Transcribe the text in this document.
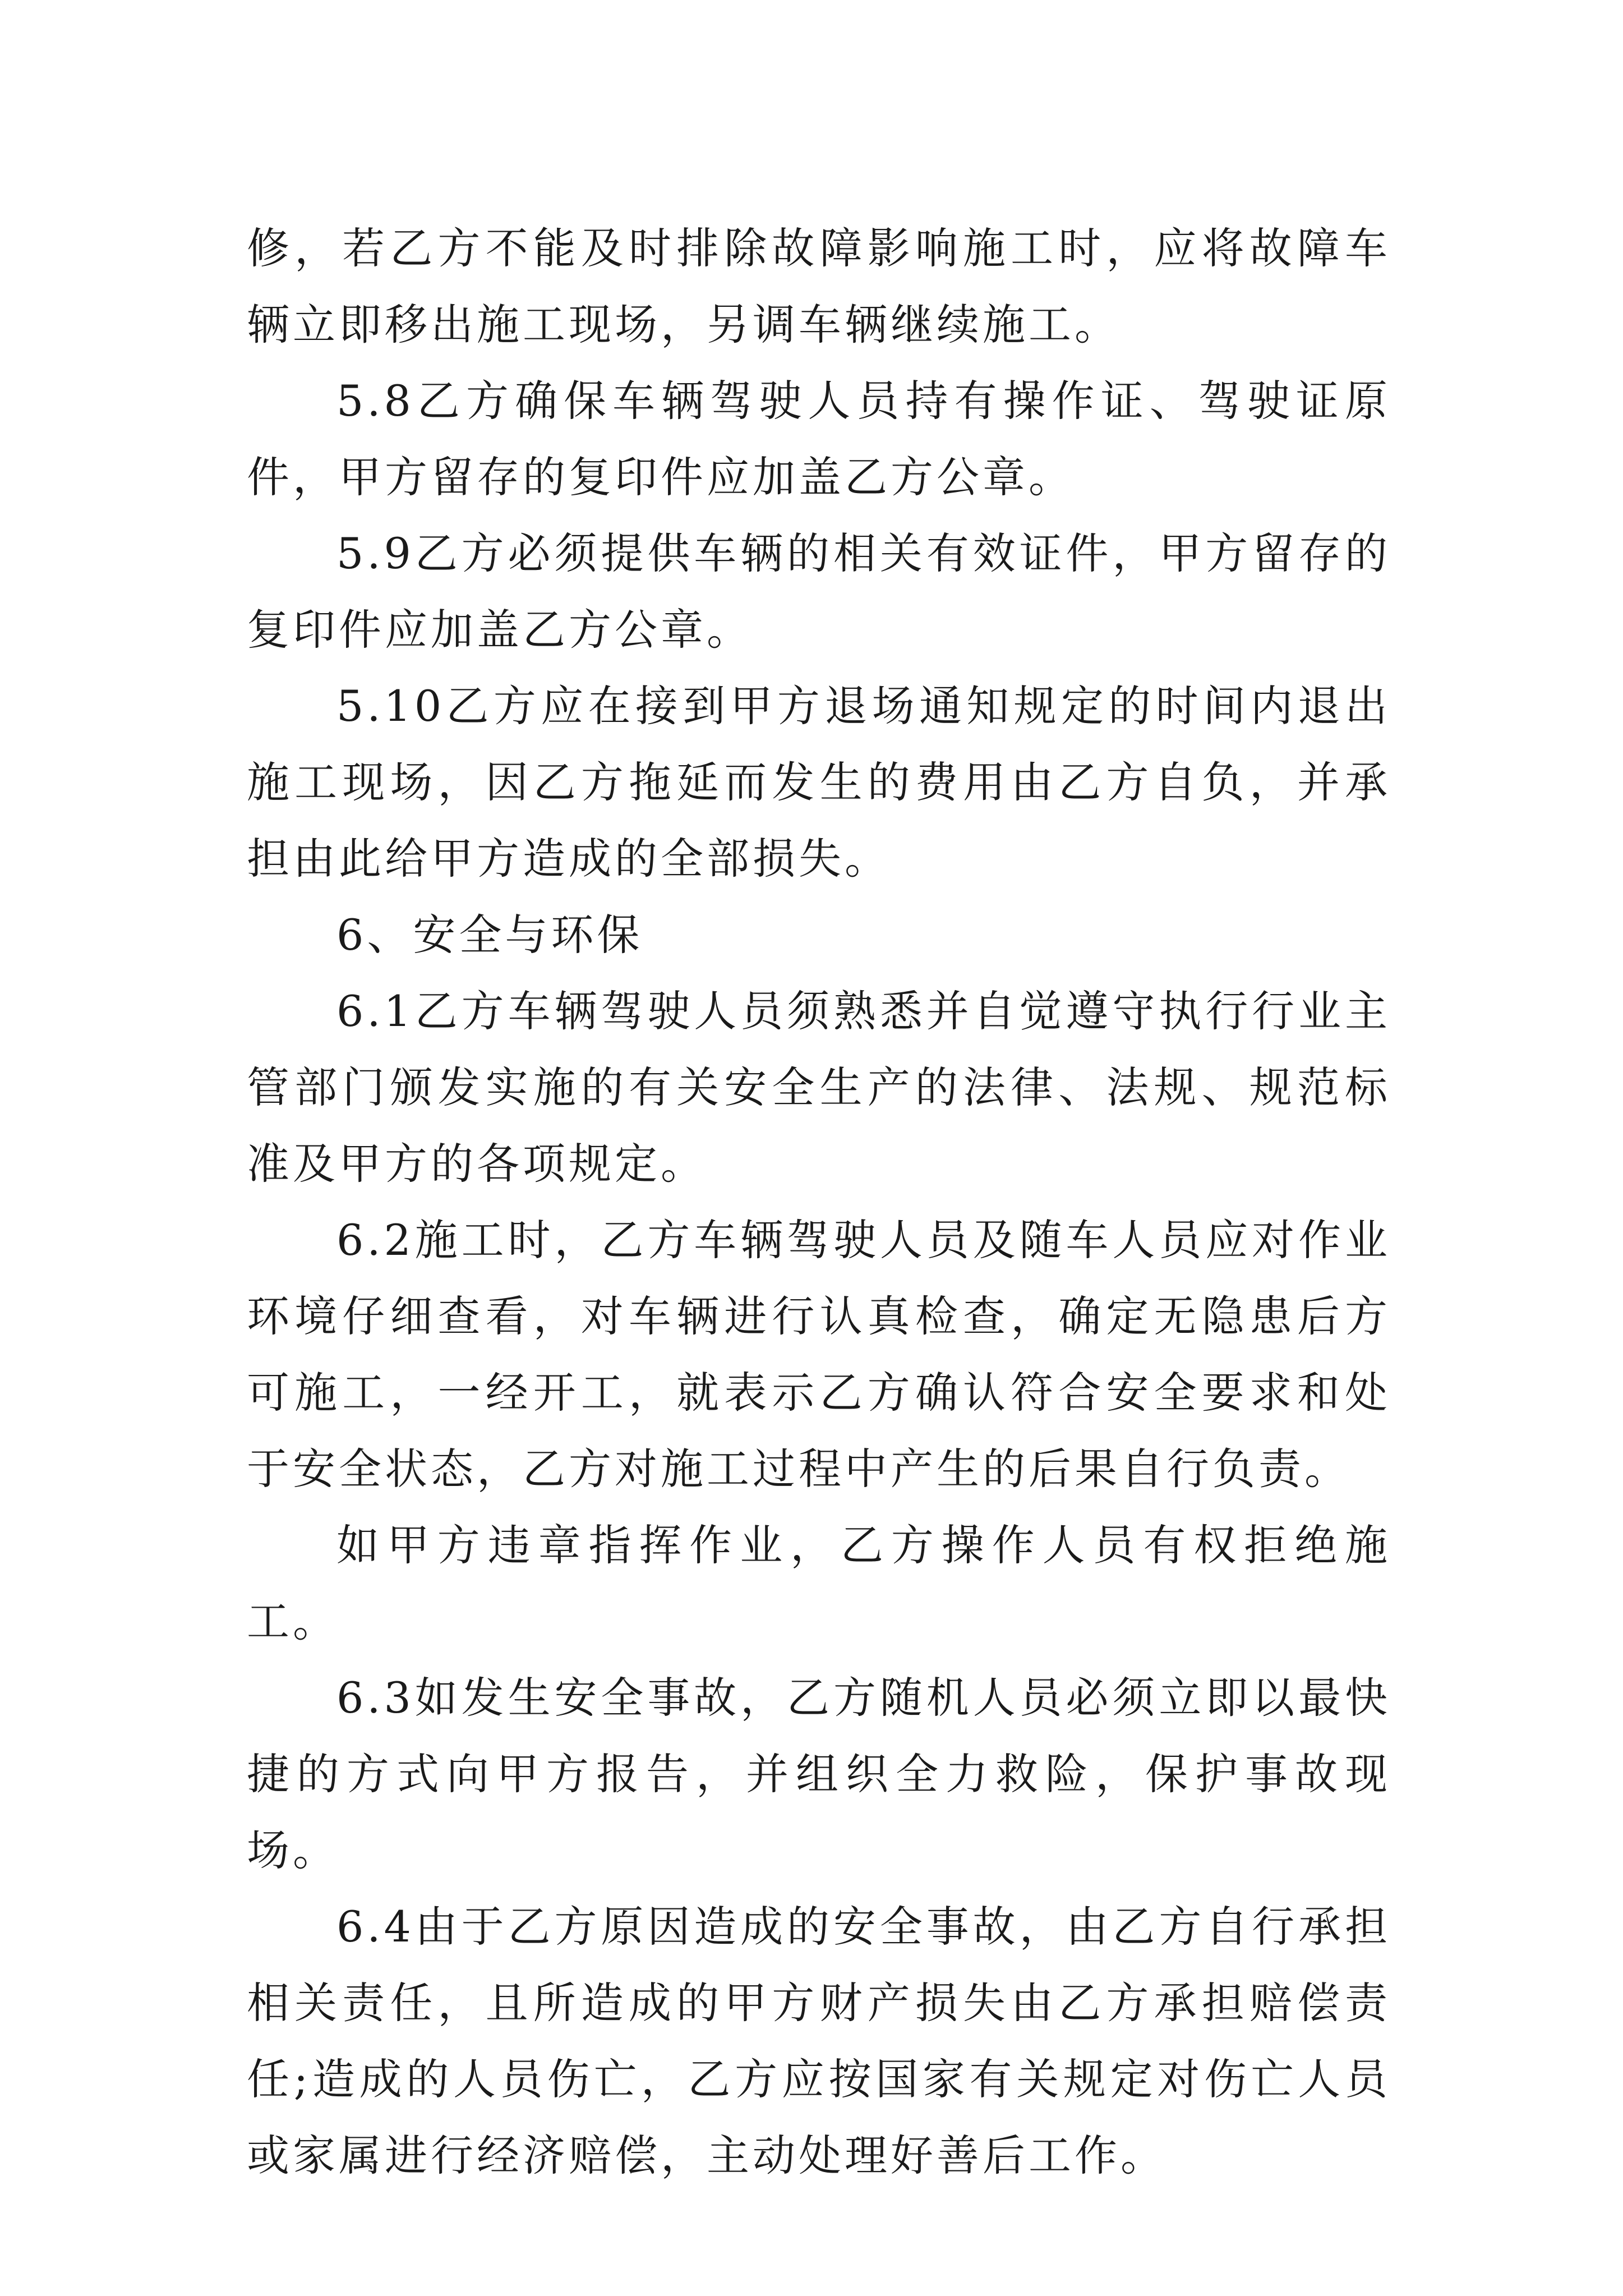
修，若乙方不能及时排除故障影响施工时，应将故障车辆立即移出施工现场，另调车辆继续施工。

5.8乙方确保车辆驾驶人员持有操作证、驾驶证原件，甲方留存的复印件应加盖乙方公章。

5.9乙方必须提供车辆的相关有效证件，甲方留存的复印件应加盖乙方公章。

5.10乙方应在接到甲方退场通知规定的时间内退出施工现场，因乙方拖延而发生的费用由乙方自负，并承担由此给甲方造成的全部损失。

6、安全与环保

6.1乙方车辆驾驶人员须熟悉并自觉遵守执行行业主管部门颁发实施的有关安全生产的法律、法规、规范标准及甲方的各项规定。

6.2施工时，乙方车辆驾驶人员及随车人员应对作业环境仔细查看，对车辆进行认真检查，确定无隐患后方可施工，一经开工，就表示乙方确认符合安全要求和处于安全状态，乙方对施工过程中产生的后果自行负责。

如甲方违章指挥作业，乙方操作人员有权拒绝施工。

6.3如发生安全事故，乙方随机人员必须立即以最快捷的方式向甲方报告，并组织全力救险，保护事故现场。

6.4由于乙方原因造成的安全事故，由乙方自行承担相关责任，且所造成的甲方财产损失由乙方承担赔偿责任;造成的人员伤亡，乙方应按国家有关规定对伤亡人员或家属进行经济赔偿，主动处理好善后工作。
